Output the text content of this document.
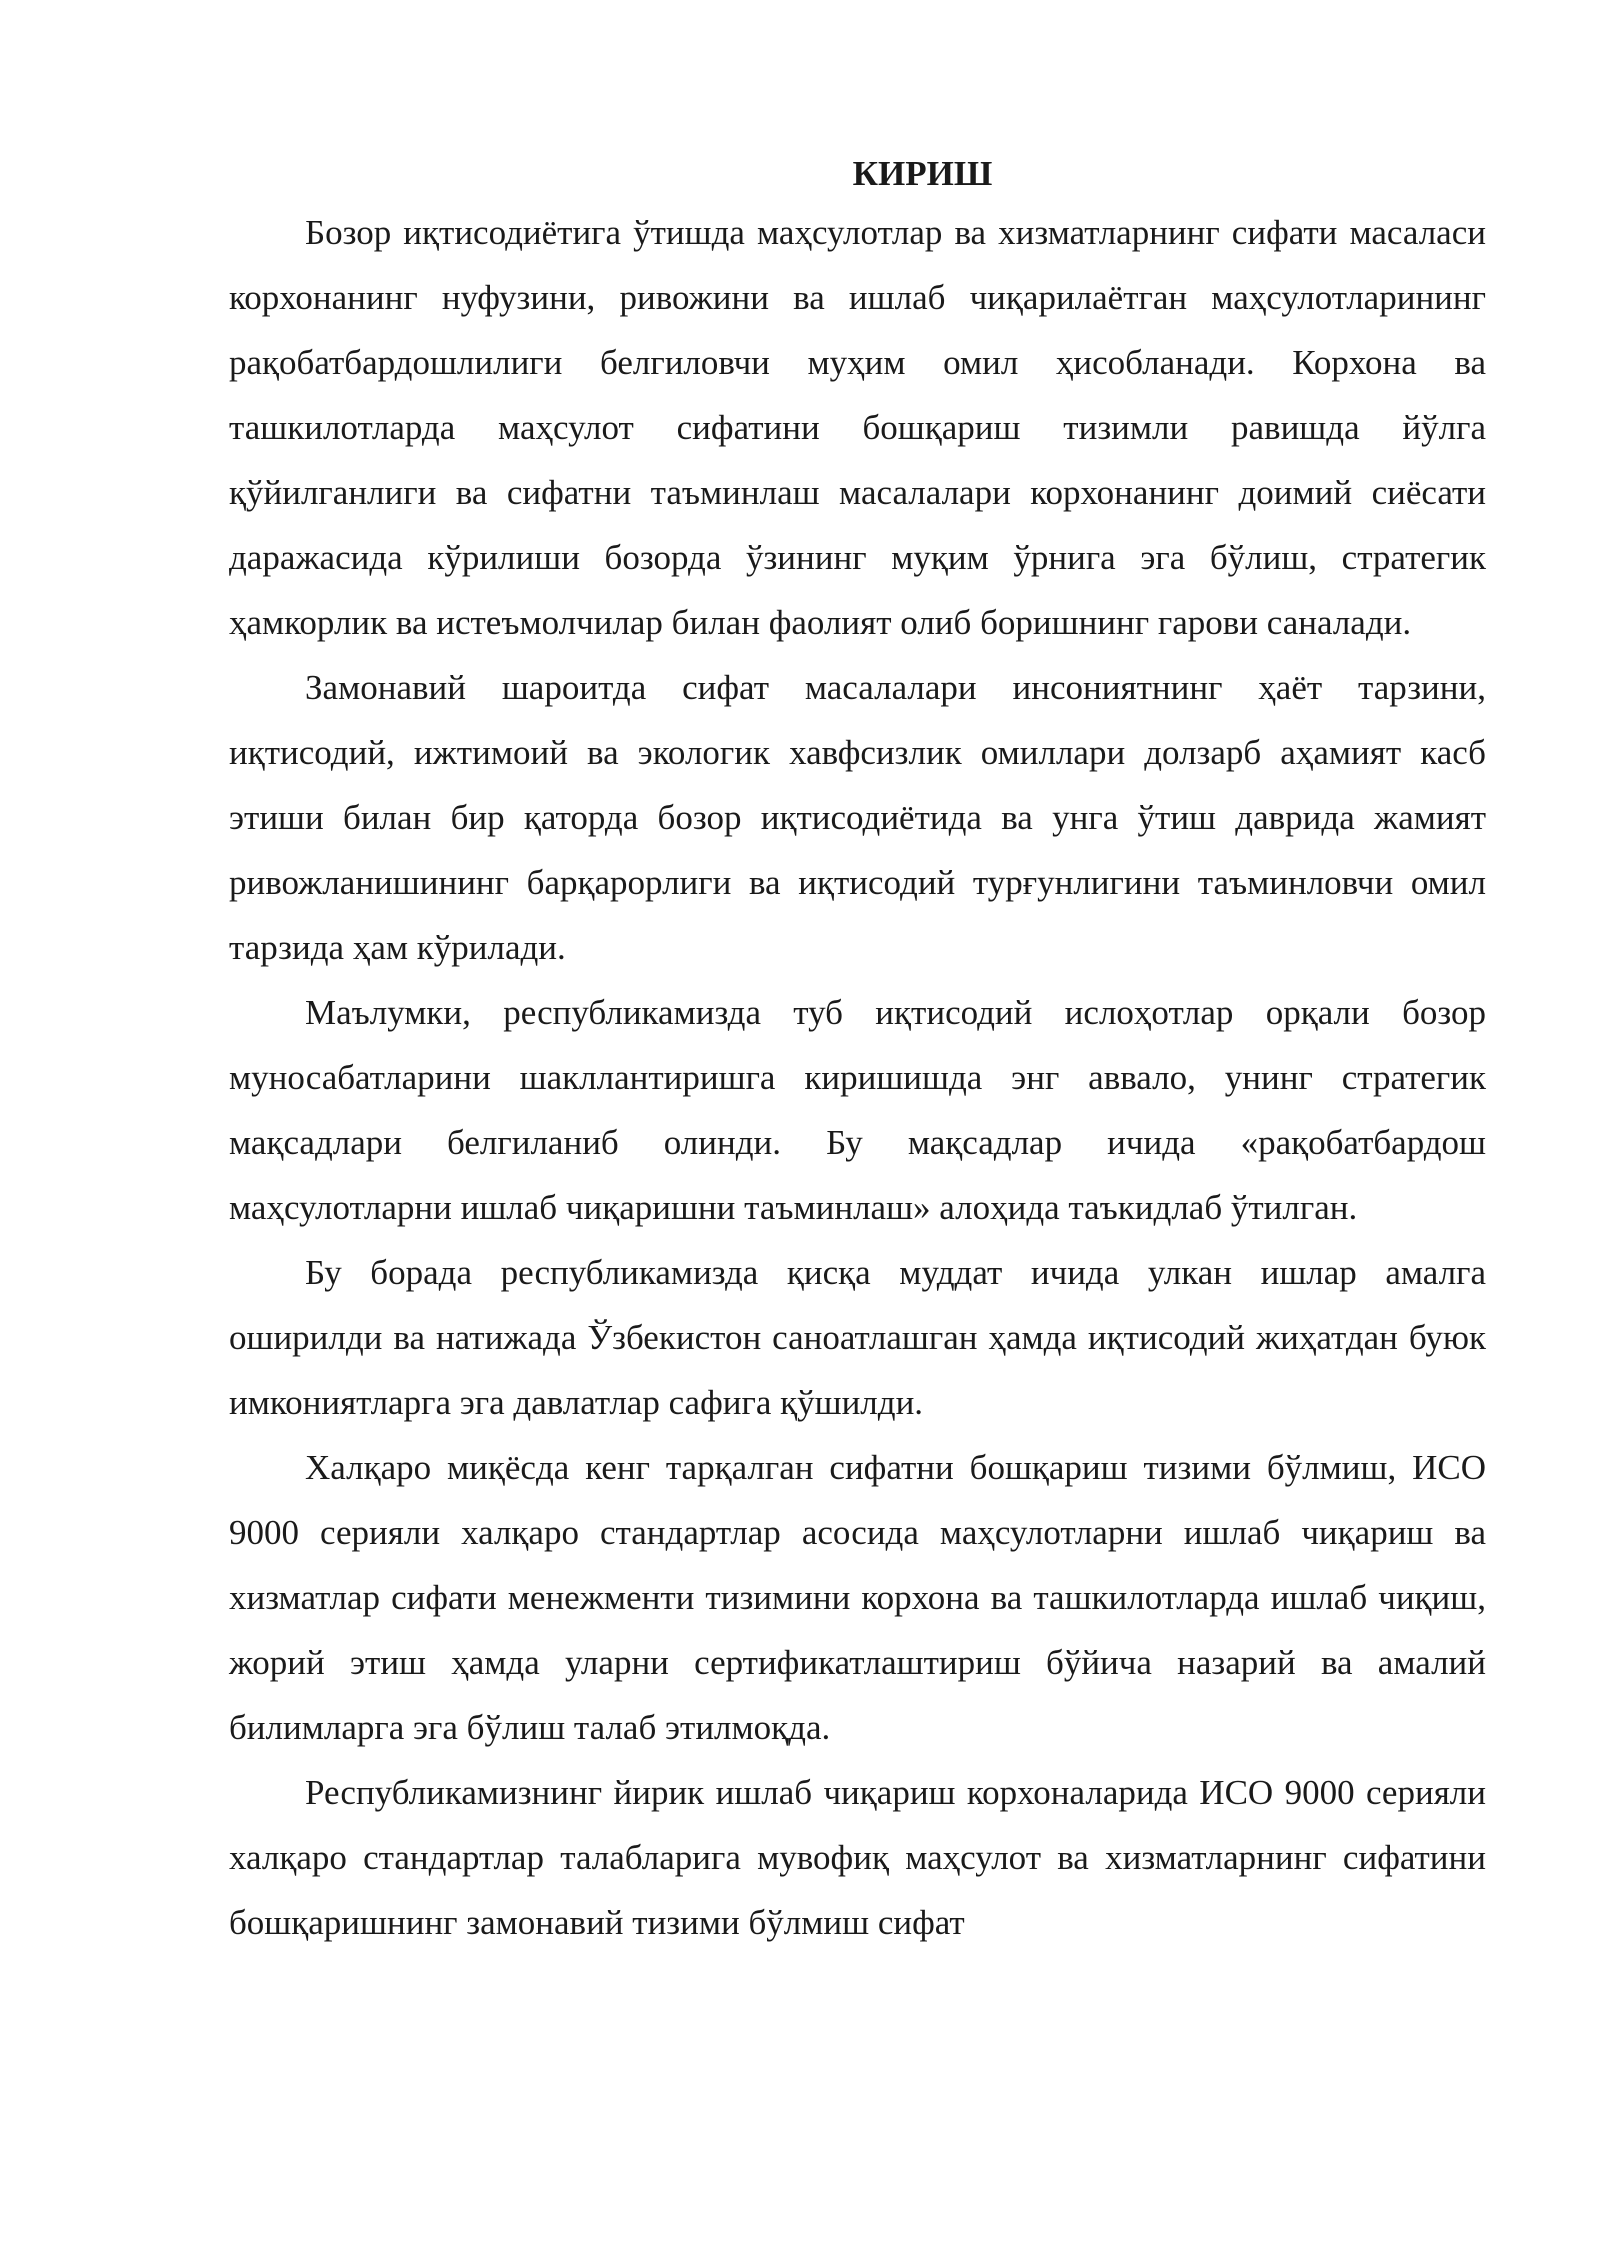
КИРИШ

Бозор иқтисодиётига ўтишда маҳсулотлар ва хизматларнинг сифати масаласи корхонанинг нуфузини, ривожини ва ишлаб чиқарилаётган маҳсулотларининг рақобатбардошлилиги белгиловчи муҳим омил ҳисобланади. Корхона ва ташкилотларда маҳсулот сифатини бошқариш тизимли равишда йўлга қўйилганлиги ва сифатни таъминлаш масалалари корхонанинг доимий сиёсати даражасида кўрилиши бозорда ўзининг муқим ўрнига эга бўлиш, стратегик ҳамкорлик ва истеъмолчилар билан фаолият олиб боришнинг гарови саналади.

Замонавий шароитда сифат масалалари инсониятнинг ҳаёт тарзини, иқтисодий, ижтимоий ва экологик хавфсизлик омиллари долзарб аҳамият касб этиши билан бир қаторда бозор иқтисодиётида ва унга ўтиш даврида жамият ривожланишининг барқарорлиги ва иқтисодий турғунлигини таъминловчи омил тарзида ҳам кўрилади.

Маълумки, республикамизда туб иқтисодий ислоҳотлар орқали бозор муносабатларини шакллантиришга киришишда энг аввало, унинг стратегик мақсадлари белгиланиб олинди. Бу мақсадлар ичида «рақобатбардош маҳсулотларни ишлаб чиқаришни таъминлаш» алоҳида таъкидлаб ўтилган.

Бу борада республикамизда қисқа муддат ичида улкан ишлар амалга оширилди ва натижада Ўзбекистон саноатлашган ҳамда иқтисодий жиҳатдан буюк имкониятларга эга давлатлар сафига қўшилди.

Халқаро миқёсда кенг тарқалган сифатни бошқариш тизими бўлмиш, ИСО 9000 серияли халқаро стандартлар асосида маҳсулотларни ишлаб чиқариш ва хизматлар сифати менежменти тизимини корхона ва ташкилотларда ишлаб чиқиш, жорий этиш ҳамда уларни сертификатлаштириш бўйича назарий ва амалий билимларга эга бўлиш талаб этилмоқда.

Республикамизнинг йирик ишлаб чиқариш корхоналарида ИСО 9000 серияли халқаро стандартлар талабларига мувофиқ маҳсулот ва хизматларнинг сифатини бошқаришнинг замонавий тизими бўлмиш сифат
